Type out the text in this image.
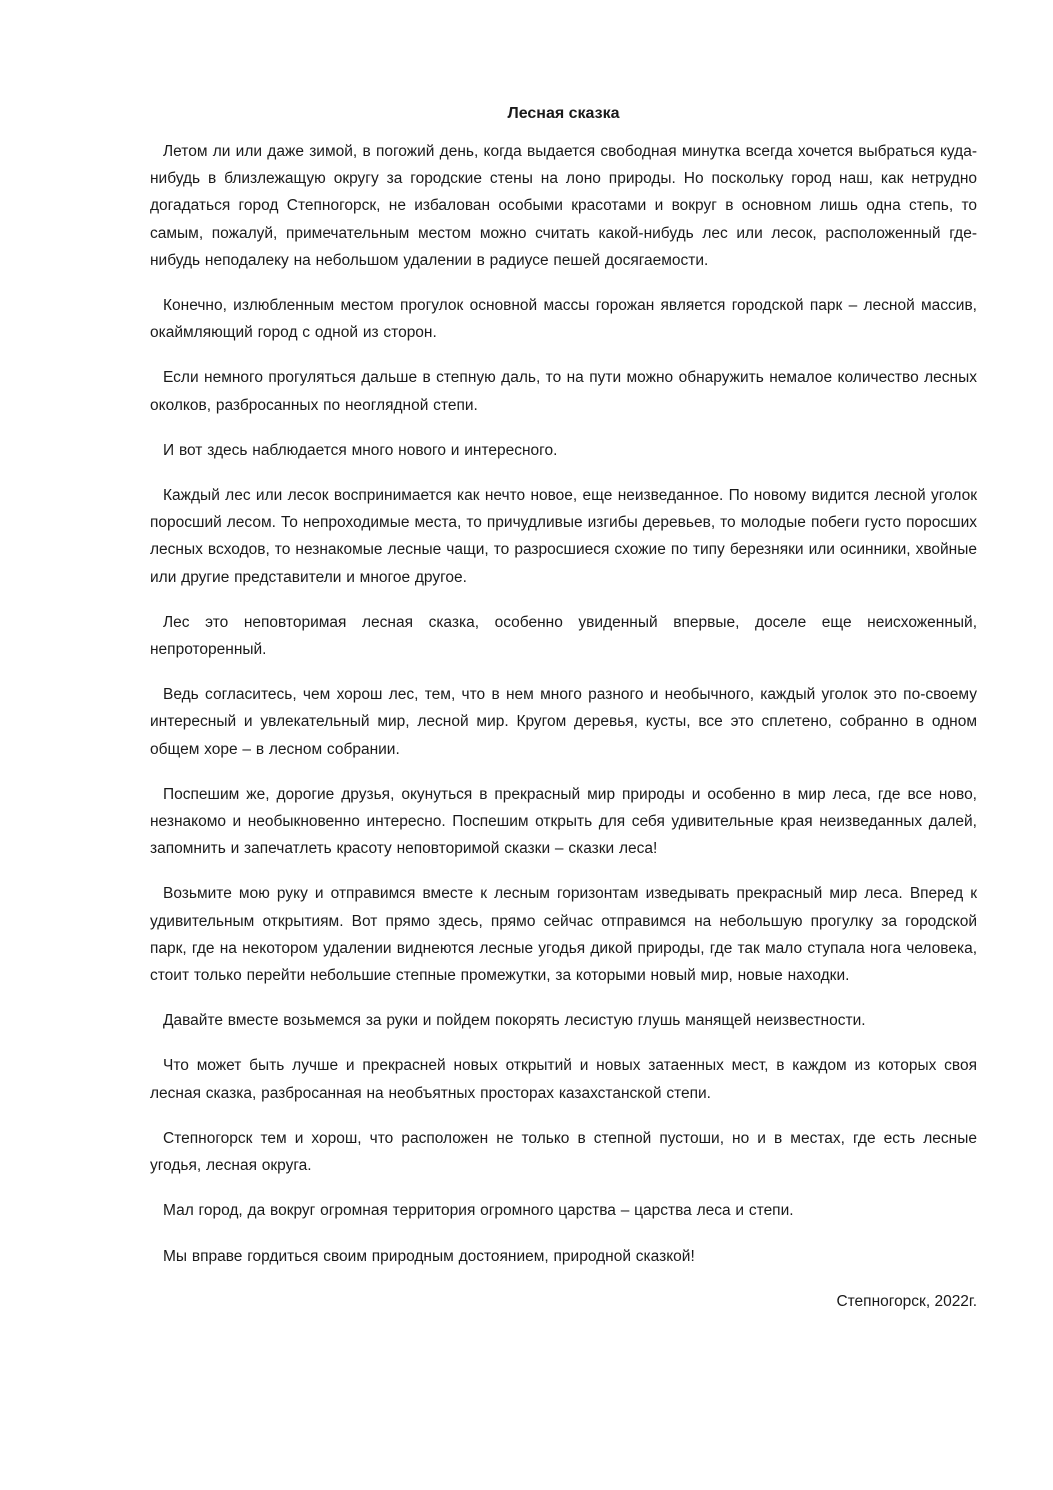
Лесная сказка

Летом ли или даже зимой, в погожий день, когда выдается свободная минутка всегда хочется выбраться куда-нибудь в близлежащую округу за городские стены на лоно природы. Но поскольку город наш, как нетрудно догадаться город Степногорск, не избалован особыми красотами и вокруг в основном лишь одна степь, то самым, пожалуй, примечательным местом можно считать какой-нибудь лес или лесок, расположенный где-нибудь неподалеку на небольшом удалении в радиусе пешей досягаемости.

Конечно, излюбленным местом прогулок основной массы горожан является городской парк – лесной массив, окаймляющий город с одной из сторон.

Если немного прогуляться дальше в степную даль, то на пути можно обнаружить немалое количество лесных околков, разбросанных по неоглядной степи.

И вот здесь наблюдается много нового и интересного.

Каждый лес или лесок воспринимается как нечто новое, еще неизведанное. По новому видится лесной уголок поросший лесом. То непроходимые места, то причудливые изгибы деревьев, то молодые побеги густо поросших лесных всходов, то незнакомые лесные чащи, то разросшиеся схожие по типу березняки или осинники, хвойные или другие представители и многое другое.

Лес это неповторимая лесная сказка, особенно увиденный впервые, доселе еще неисхоженный, непротоpенный.

Ведь согласитесь, чем хорош лес, тем, что в нем много разного и необычного, каждый уголок это по-своему интересный и увлекательный мир, лесной мир. Кругом деревья, кусты, все это сплетено, собранно в одном общем хоре – в лесном собрании.

Поспешим же, дорогие друзья, окунуться в прекрасный мир природы и особенно в мир леса, где все ново, незнакомо и необыкновенно интересно. Поспешим открыть для себя удивительные края неизведанных далей, запомнить и запечатлеть красоту неповторимой сказки – сказки леса!

Возьмите мою руку и отправимся вместе к лесным горизонтам изведывать прекрасный мир леса. Вперед к удивительным открытиям. Вот прямо здесь, прямо сейчас отправимся на небольшую прогулку за городской парк, где на некотором удалении виднеются лесные угодья дикой природы, где так мало ступала нога человека, стоит только перейти небольшие степные промежутки, за которыми новый мир, новые находки.

Давайте вместе возьмемся за руки и пойдем покорять лесистую глушь манящей неизвестности.

Что может быть лучше и прекрасней новых открытий и новых затаенных мест, в каждом из которых своя лесная сказка, разбросанная на необъятных просторах казахстанской степи.

Степногорск тем и хорош, что расположен не только в степной пустоши, но и в местах, где есть лесные угодья, лесная округа.

Мал город, да вокруг огромная территория огромного царства – царства леса и степи.

Мы вправе гордиться своим природным достоянием, природной сказкой!

Степногорск, 2022г.
